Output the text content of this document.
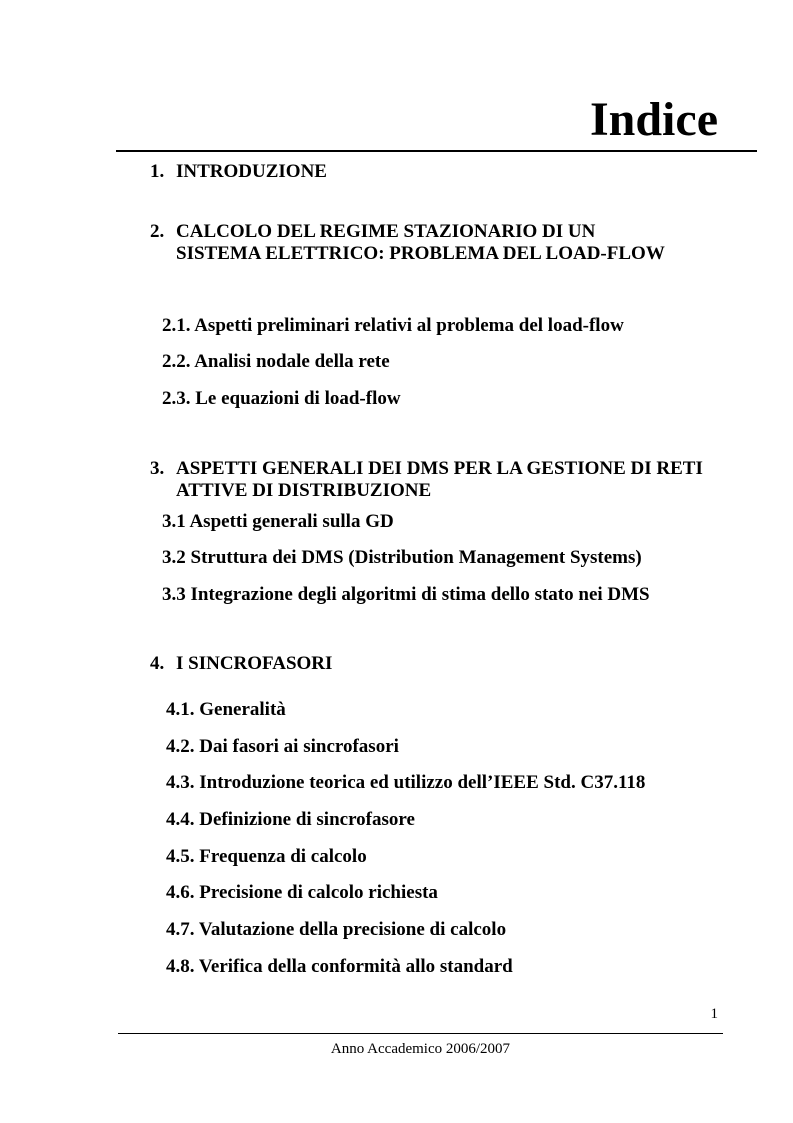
Indice
1. INTRODUZIONE
2. CALCOLO DEL REGIME STAZIONARIO DI UN SISTEMA ELETTRICO: PROBLEMA DEL LOAD-FLOW
2.1. Aspetti preliminari relativi al problema del load-flow
2.2. Analisi nodale della rete
2.3. Le equazioni di load-flow
3. ASPETTI GENERALI DEI DMS PER LA GESTIONE DI RETI ATTIVE DI DISTRIBUZIONE
3.1 Aspetti generali sulla GD
3.2 Struttura dei DMS (Distribution Management Systems)
3.3 Integrazione degli algoritmi di stima dello stato nei DMS
4. I SINCROFASORI
4.1. Generalità
4.2. Dai fasori ai sincrofasori
4.3. Introduzione teorica ed utilizzo dell’IEEE Std. C37.118
4.4. Definizione di sincrofasore
4.5. Frequenza di calcolo
4.6. Precisione di calcolo richiesta
4.7. Valutazione della precisione di calcolo
4.8. Verifica della conformità allo standard

1

Anno Accademico 2006/2007
